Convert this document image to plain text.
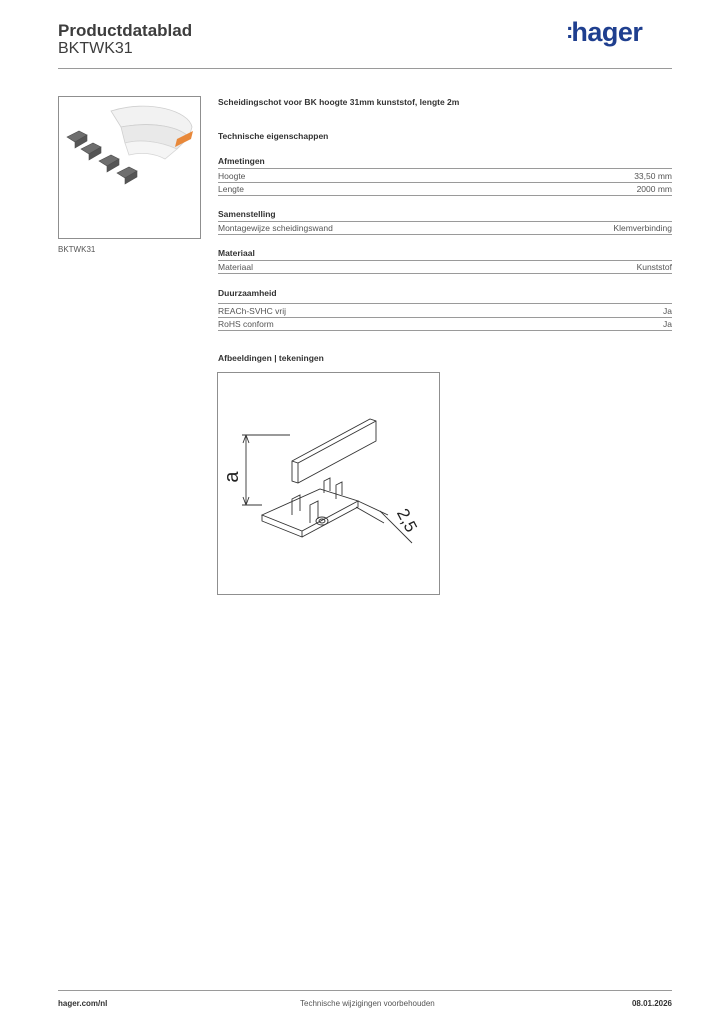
Productdatablad
BKTWK31
:hager
BKTWK31
Scheidingschot voor BK hoogte 31mm kunststof, lengte 2m
Technische eigenschappen
Afmetingen
Hoogte	33,50 mm
Lengte	2000 mm
Samenstelling
Montagewijze scheidingswand	Klemverbinding
Materiaal
Materiaal	Kunststof
Duurzaamheid
REACh-SVHC vrij	Ja
RoHS conform	Ja
Afbeeldingen | tekeningen
a
2,5
hager.com/nl	Technische wijzigingen voorbehouden	08.01.2026
